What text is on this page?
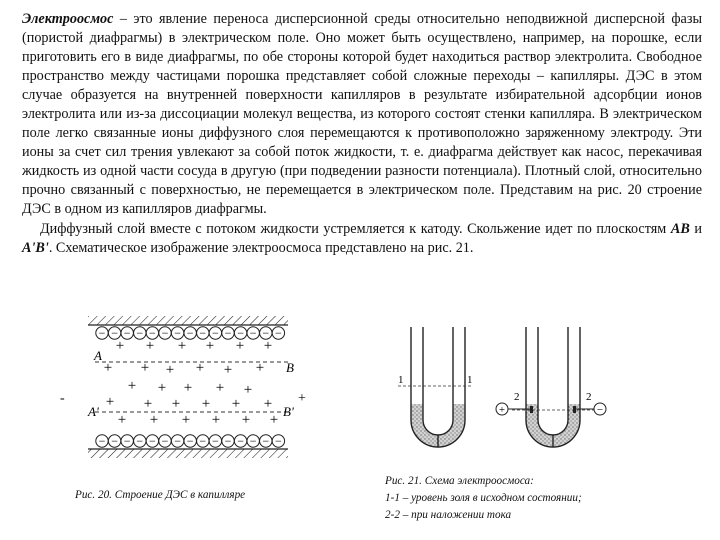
Электроосмос – это явление переноса дисперсионной среды относительно неподвижной дисперсной фазы (пористой диафрагмы) в электрическом поле. Оно может быть осуществлено, например, на порошке, если приготовить его в виде диафрагмы, по обе стороны которой будет находиться раствор электролита. Свободное пространство между частицами порошка представляет собой сложные переходы – капилляры. ДЭС в этом случае образуется на внутренней поверхности капилляров в результате избирательной адсорбции ионов электролита или из-за диссоциации молекул вещества, из которого состоят стенки капилляра. В электрическом поле легко связанные ионы диффузного слоя перемещаются к противоположно заряженному электроду. Эти ионы за счет сил трения увлекают за собой поток жидкости, т. е. диафрагма действует как насос, перекачивая жидкость из одной части сосуда в другую (при подведении разности потенциала). Плотный слой, относительно прочно связанный с поверхностью, не перемещается в электрическом поле. Представим на рис. 20 строение ДЭС в одном из капилляров диафрагмы.

Диффузный слой вместе с потоком жидкости устремляется к катоду. Скольжение идет по плоскостям АВ и А'В'. Схематическое изображение электроосмоса представлено на рис. 21.

− − − − − − − − − − − − − − −
− − − − − − − − − − − − − − −
+ + + + + +
+ + + + + +
+ + + + +
+ + + + + +
+ + + + + +
A
B
A'	B'
-	+
Рис. 20. Строение ДЭС в капилляре
1	1
2	2
+	−
Рис. 21. Схема электроосмоса:
1-1 – уровень золя в исходном состоянии;
2-2 – при наложении тока
